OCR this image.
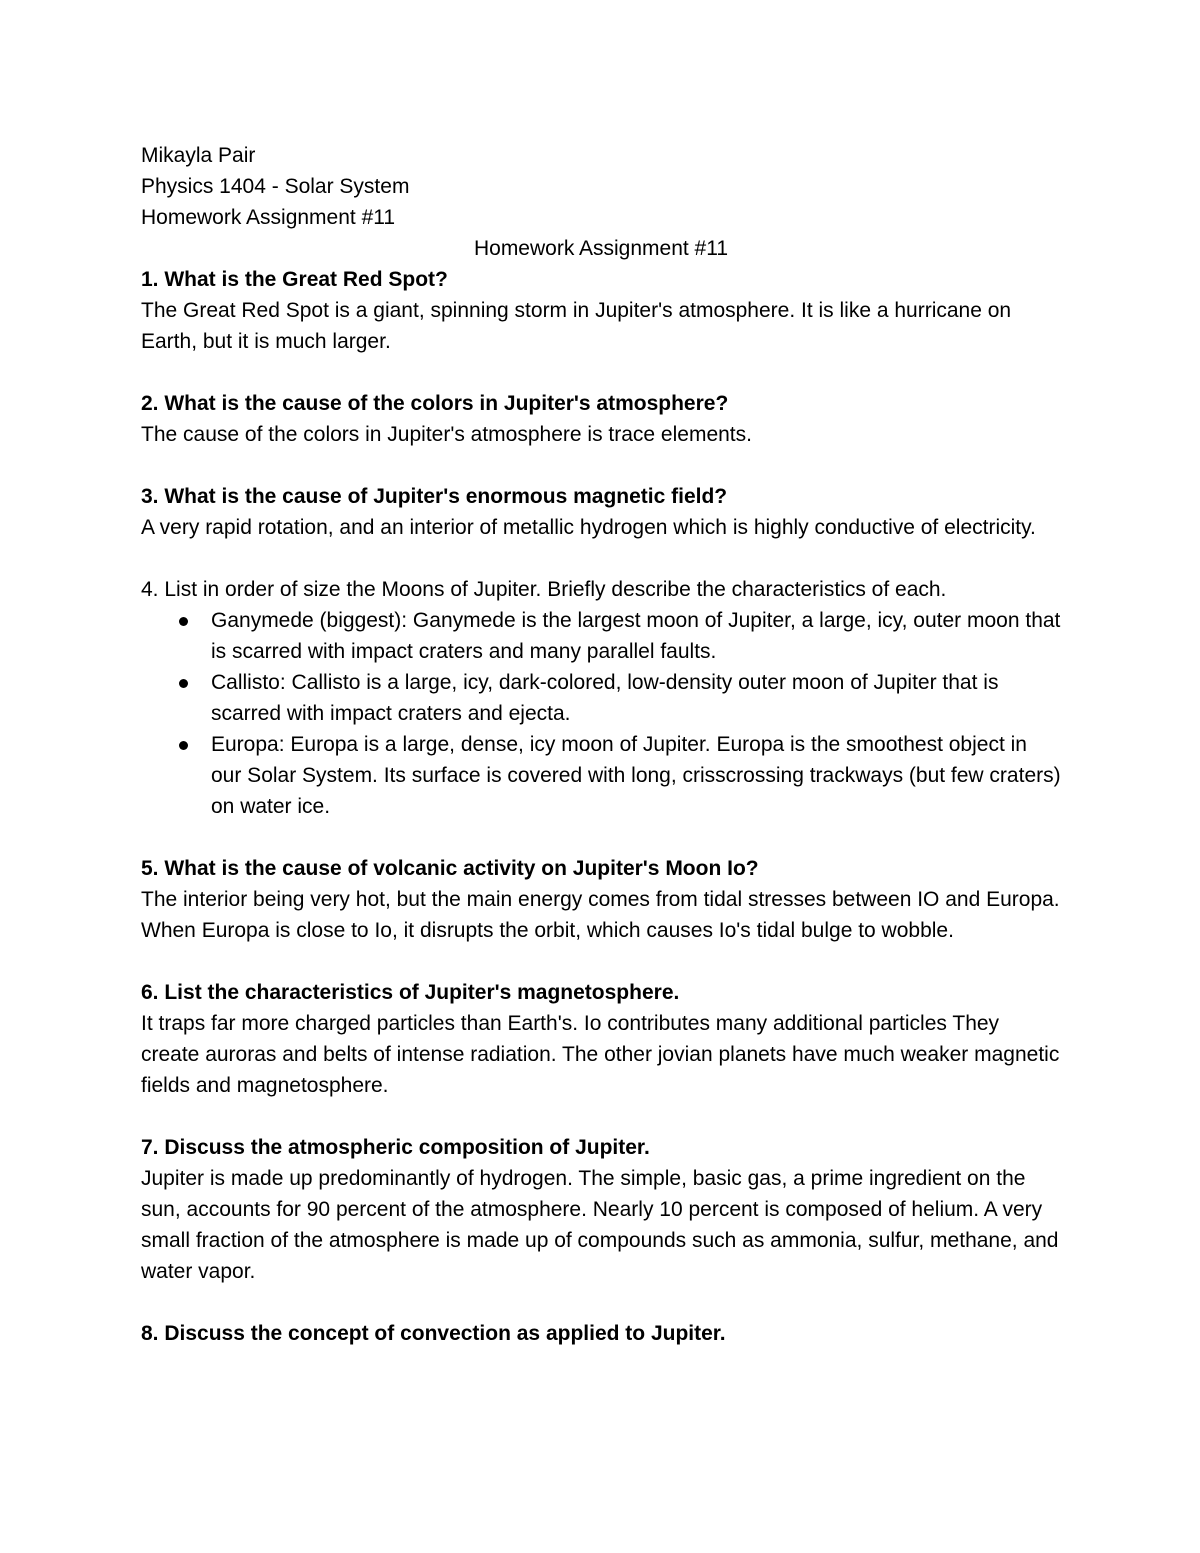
Mikayla Pair

Physics 1404 - Solar System

Homework Assignment #11

Homework Assignment #11

1. What is the Great Red Spot?

The Great Red Spot is a giant, spinning storm in Jupiter's atmosphere. It is like a hurricane on Earth, but it is much larger.

2. What is the cause of the colors in Jupiter's atmosphere?

The cause of the colors in Jupiter's atmosphere is trace elements.

3. What is the cause of Jupiter's enormous magnetic field?

A very rapid rotation, and an interior of metallic hydrogen which is highly conductive of electricity.

4. List in order of size the Moons of Jupiter. Briefly describe the characteristics of each.

Ganymede (biggest): Ganymede is the largest moon of Jupiter, a large, icy, outer moon that is scarred with impact craters and many parallel faults.
Callisto: Callisto is a large, icy, dark-colored, low-density outer moon of Jupiter that is scarred with impact craters and ejecta.
Europa: Europa is a large, dense, icy moon of Jupiter. Europa is the smoothest object in our Solar System. Its surface is covered with long, crisscrossing trackways (but few craters) on water ice.

5. What is the cause of volcanic activity on Jupiter's Moon Io?

The interior being very hot, but the main energy comes from tidal stresses between IO and Europa. When Europa is close to Io, it disrupts the orbit, which causes Io's tidal bulge to wobble.

6. List the characteristics of Jupiter's magnetosphere.

It traps far more charged particles than Earth's. Io contributes many additional particles They create auroras and belts of intense radiation. The other jovian planets have much weaker magnetic fields and magnetosphere.

7. Discuss the atmospheric composition of Jupiter.

Jupiter is made up predominantly of hydrogen. The simple, basic gas, a prime ingredient on the sun, accounts for 90 percent of the atmosphere. Nearly 10 percent is composed of helium. A very small fraction of the atmosphere is made up of compounds such as ammonia, sulfur, methane, and water vapor.

8. Discuss the concept of convection as applied to Jupiter.
